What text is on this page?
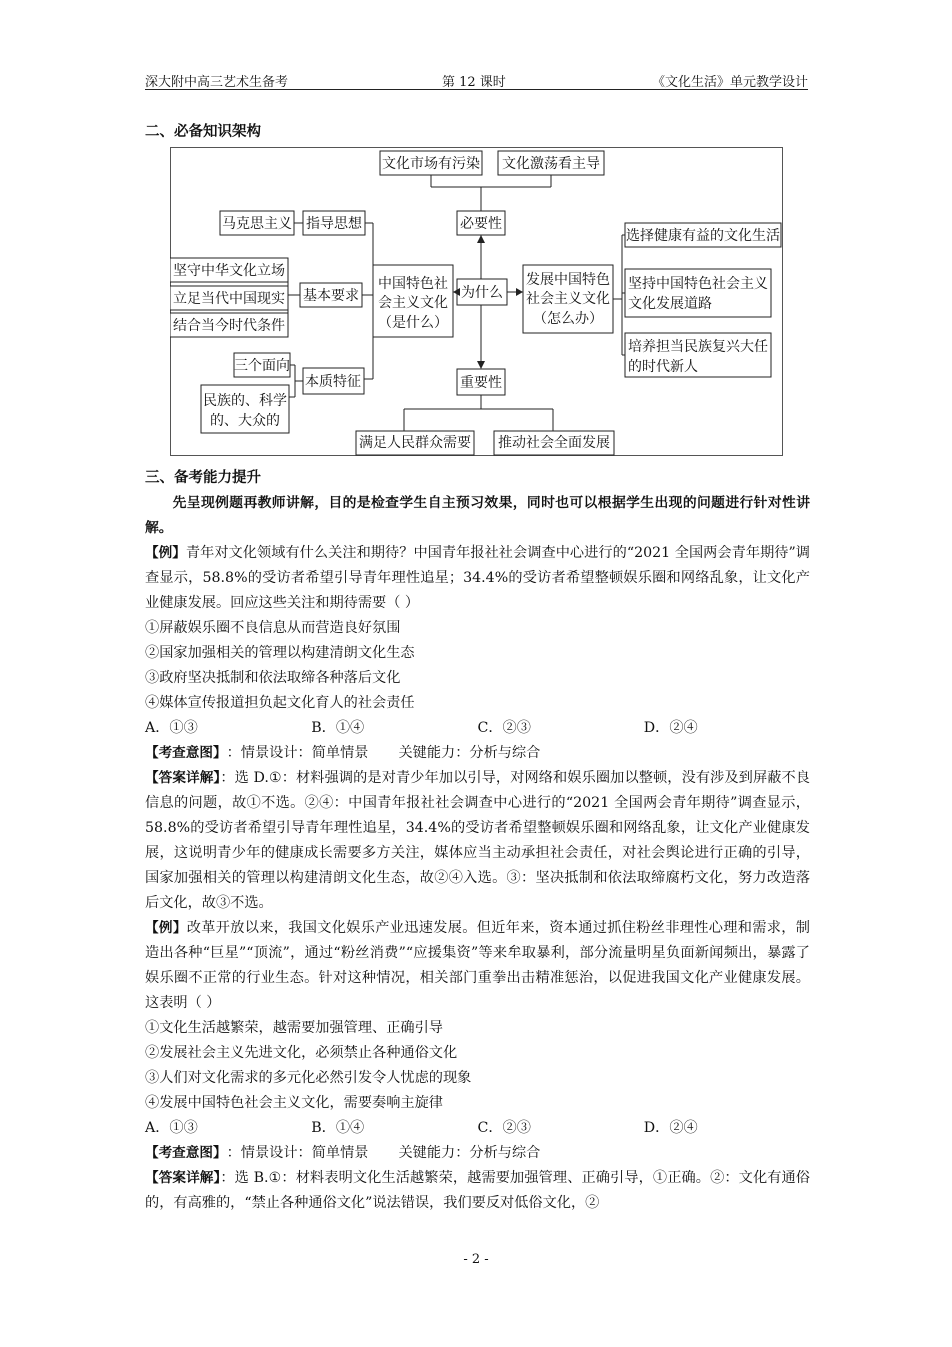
深大附中高三艺术生备考	第 12 课时	《文化生活》单元教学设计
二、必备知识架构
文化市场有污染 文化激荡看主导
必要性
为什么
重要性
满足人民群众需要 推动社会全面发展
中国特色社
会主义文化
（是什么）
发展中国特色
社会主义文化
（怎么办）
指导思想
马克思主义
基本要求
坚守中华文化立场
立足当代中国现实
结合当今时代条件
本质特征
三个面向
民族的、科学
的、大众的
选择健康有益的文化生活
坚持中国特色社会主义
文化发展道路
培养担当民族复兴大任
的时代新人
三、备考能力提升

先呈现例题再教师讲解，目的是检查学生自主预习效果，同时也可以根据学生出现的问题进行针对性讲解。

【例】青年对文化领域有什么关注和期待？中国青年报社社会调查中心进行的“2021 全国两会青年期待”调查显示，58.8%的受访者希望引导青年理性追星；34.4%的受访者希望整顿娱乐圈和网络乱象，让文化产业健康发展。回应这些关注和期待需要（ ）

①屏蔽娱乐圈不良信息从而营造良好氛围

②国家加强相关的管理以构建清朗文化生态

③政府坚决抵制和依法取缔各种落后文化

④媒体宣传报道担负起文化育人的社会责任

A．①③	B．①④	C．②③	D．②④

【考查意图】 ：情景设计：简单情景 关键能力：分析与综合

【答案详解】：选 D.①：材料强调的是对青少年加以引导，对网络和娱乐圈加以整顿，没有涉及到屏蔽不良信息的问题，故①不选。②④：中国青年报社社会调查中心进行的“2021 全国两会青年期待”调查显示，58.8%的受访者希望引导青年理性追星，34.4%的受访者希望整顿娱乐圈和网络乱象，让文化产业健康发展，这说明青少年的健康成长需要多方关注，媒体应当主动承担社会责任，对社会舆论进行正确的引导，国家加强相关的管理以构建清朗文化生态，故②④入选。③：坚决抵制和依法取缔腐朽文化，努力改造落后文化，故③不选。

【例】改革开放以来，我国文化娱乐产业迅速发展。但近年来，资本通过抓住粉丝非理性心理和需求，制造出各种“巨星”“顶流”，通过“粉丝消费”“应援集资”等来牟取暴利，部分流量明星负面新闻频出，暴露了娱乐圈不正常的行业生态。针对这种情况，相关部门重拳出击精准惩治，以促进我国文化产业健康发展。这表明（ ）

①文化生活越繁荣，越需要加强管理、正确引导

②发展社会主义先进文化，必须禁止各种通俗文化

③人们对文化需求的多元化必然引发令人忧虑的现象

④发展中国特色社会主义文化，需要奏响主旋律

A．①③	B．①④	C．②③	D．②④

【考查意图】 ：情景设计：简单情景 关键能力：分析与综合

【答案详解】：选 B.①：材料表明文化生活越繁荣，越需要加强管理、正确引导，①正确。②：文化有通俗的，有高雅的，“禁止各种通俗文化”说法错误，我们要反对低俗文化，②

- 2 -
